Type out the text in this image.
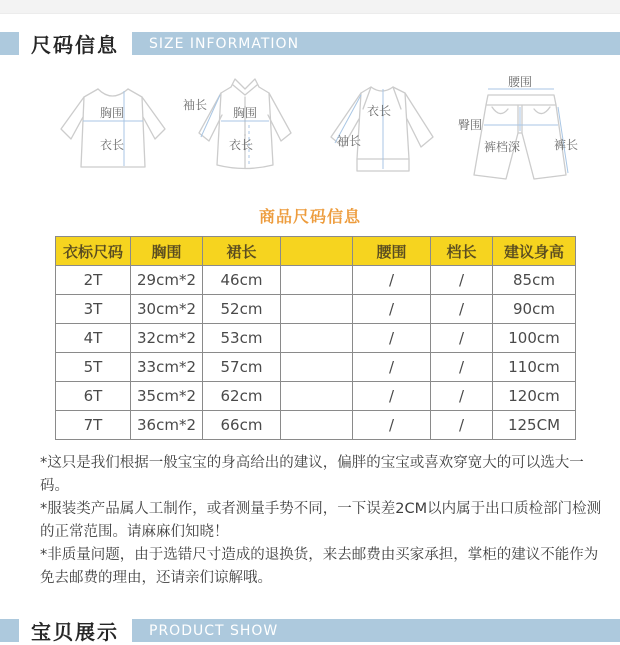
尺码信息	SIZE INFORMATION
胸围
衣长
袖长
胸围
衣长
衣长
袖长
腰围
臀围
裤档深	裤长
商品尺码信息
衣标尺码	胸围	裙长		腰围	档长	建议身高
2T	29cm*2	46cm		/	/	85cm
3T	30cm*2	52cm		/	/	90cm
4T	32cm*2	53cm		/	/	100cm
5T	33cm*2	57cm		/	/	110cm
6T	35cm*2	62cm		/	/	120cm
7T	36cm*2	66cm		/	/	125CM

*这只是我们根据一般宝宝的身高给出的建议，偏胖的宝宝或喜欢穿宽大的可以选大一码。

*服装类产品属人工制作，或者测量手势不同，一下误差2CM以内属于出口质检部门检测的正常范围。请麻麻们知晓！

*非质量问题，由于选错尺寸造成的退换货，来去邮费由买家承担，掌柜的建议不能作为免去邮费的理由，还请亲们谅解哦。

宝贝展示	PRODUCT SHOW
